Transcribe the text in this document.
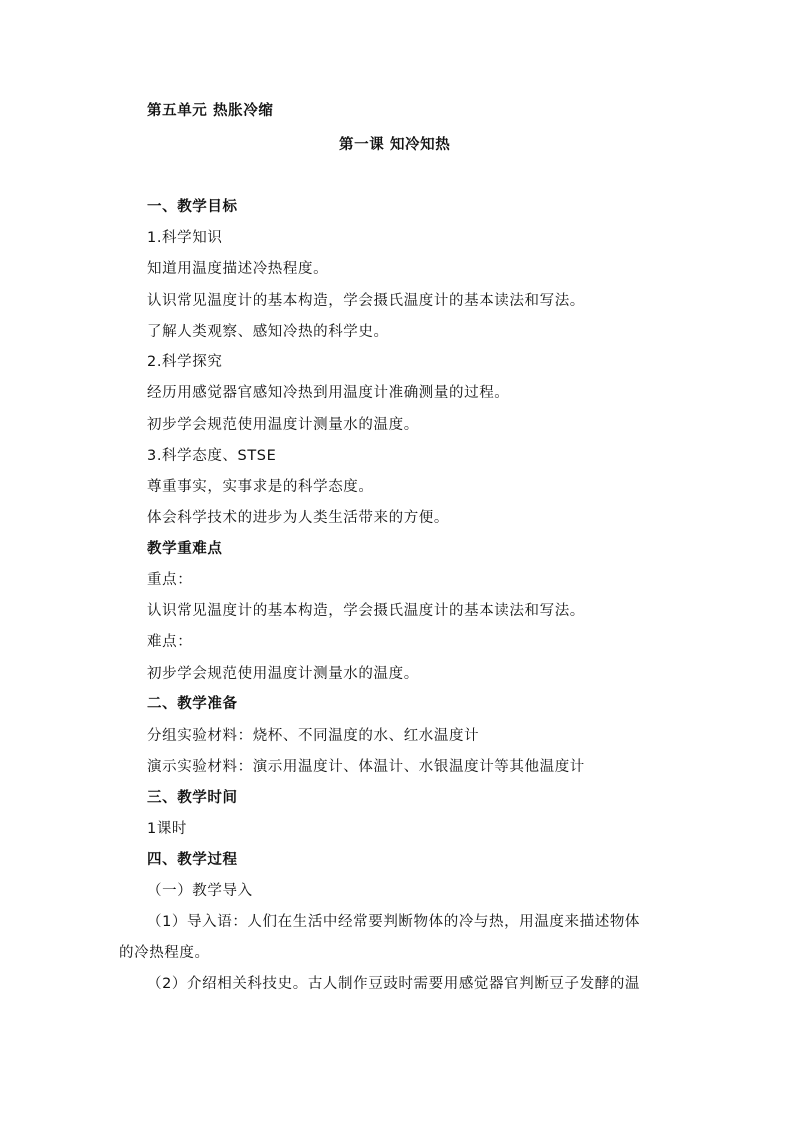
第五单元 热胀冷缩
第一课 知冷知热
一、教学目标
1.科学知识
知道用温度描述冷热程度。
认识常见温度计的基本构造，学会摄氏温度计的基本读法和写法。
了解人类观察、感知冷热的科学史。
2.科学探究
经历用感觉器官感知冷热到用温度计准确测量的过程。
初步学会规范使用温度计测量水的温度。
3.科学态度、STSE
尊重事实，实事求是的科学态度。
体会科学技术的进步为人类生活带来的方便。
教学重难点
重点：
认识常见温度计的基本构造，学会摄氏温度计的基本读法和写法。
难点：
初步学会规范使用温度计测量水的温度。
二、教学准备
分组实验材料：烧杯、不同温度的水、红水温度计
演示实验材料：演示用温度计、体温计、水银温度计等其他温度计
三、教学时间
1课时
四、教学过程
（一）教学导入
（1）导入语：人们在生活中经常要判断物体的冷与热，用温度来描述物体
的冷热程度。
（2）介绍相关科技史。古人制作豆豉时需要用感觉器官判断豆子发酵的温
